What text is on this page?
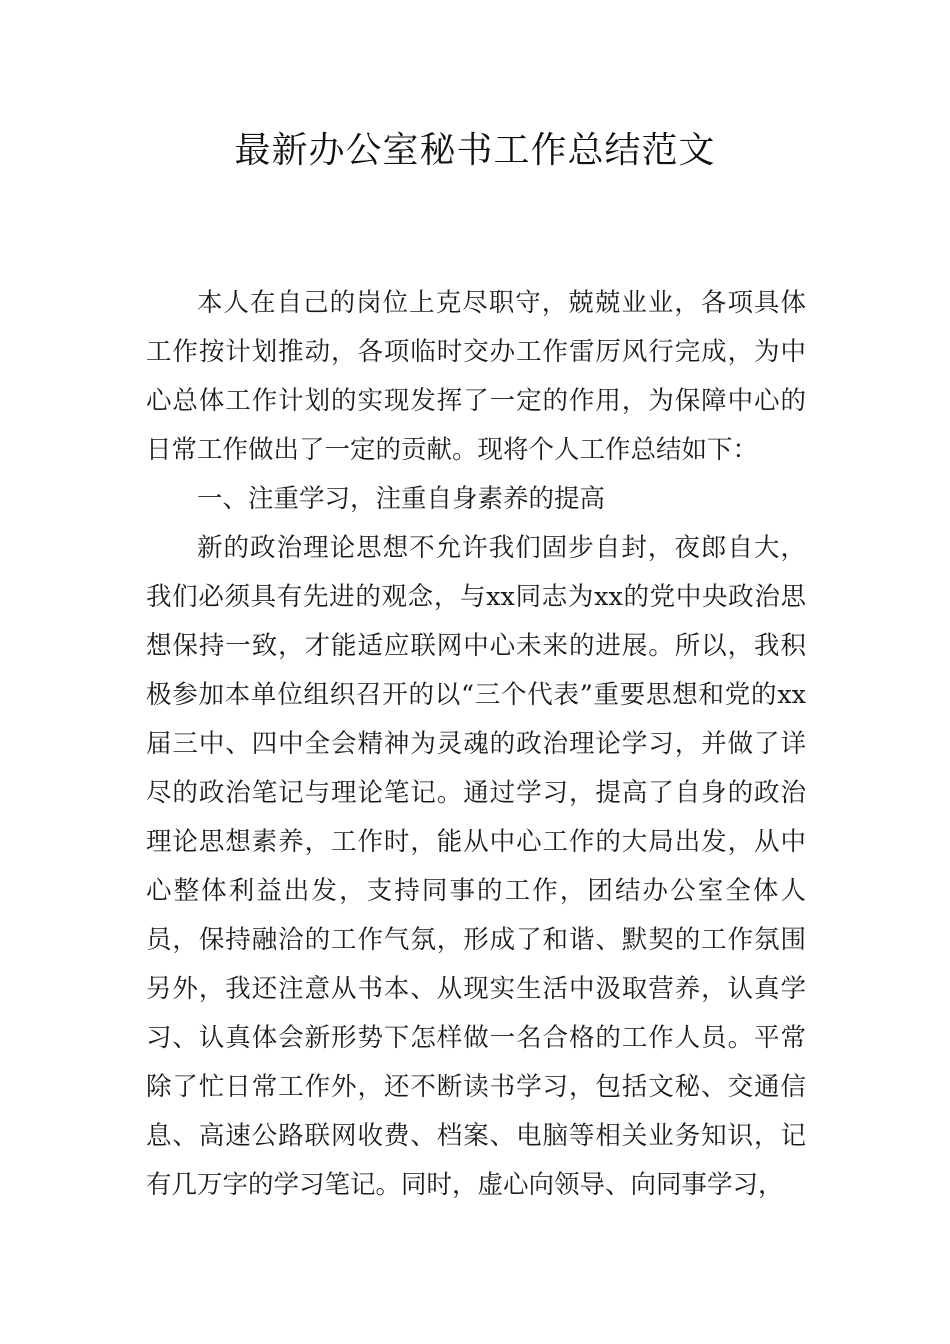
最新办公室秘书工作总结范文

本人在自己的岗位上克尽职守，兢兢业业，各项具体工作按计划推动，各项临时交办工作雷厉风行完成，为中心总体工作计划的实现发挥了一定的作用，为保障中心的日常工作做出了一定的贡献。现将个人工作总结如下：

一、注重学习，注重自身素养的提高

新的政治理论思想不允许我们固步自封，夜郎自大，我们必须具有先进的观念，与xx同志为xx的党中央政治思想保持一致，才能适应联网中心未来的进展。所以，我积极参加本单位组织召开的以“三个代表”重要思想和党的xx届三中、四中全会精神为灵魂的政治理论学习，并做了详尽的政治笔记与理论笔记。通过学习，提高了自身的政治理论思想素养，工作时，能从中心工作的大局出发，从中心整体利益出发，支持同事的工作，团结办公室全体人员，保持融洽的工作气氛，形成了和谐、默契的工作氛围 另外，我还注意从书本、从现实生活中汲取营养，认真学习、认真体会新形势下怎样做一名合格的工作人员。平常除了忙日常工作外，还不断读书学习，包括文秘、交通信息、高速公路联网收费、档案、电脑等相关业务知识，记有几万字的学习笔记。同时，虚心向领导、向同事学习，
